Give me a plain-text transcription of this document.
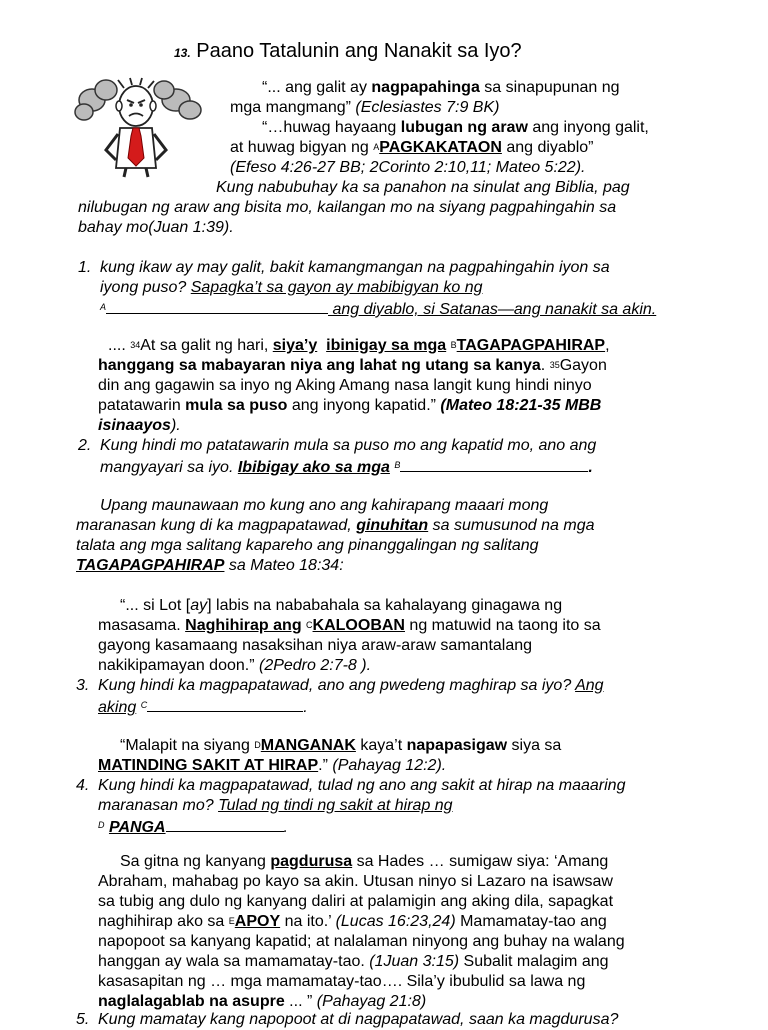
13. Paano Tatalunin ang Nanakit sa Iyo?
“... ang galit ay nagpapahinga sa sinapupunan ng
mga mangmang” (Eclesiastes 7:9 BK)
“…huwag hayaang lubugan ng araw ang inyong galit,
at huwag bigyan ng $^A$PAGKAKATAON ang diyablo”
(Efeso 4:26-27 BB; 2Corinto 2:10,11; Mateo 5:22).
Kung nabubuhay ka sa panahon na sinulat ang Biblia, pag
nilubugan ng araw ang bisita mo, kailangan mo na siyang pagpahingahin sa
bahay mo(Juan 1:39).
1. kung ikaw ay may galit, bakit kamangmangan na pagpahingahin iyon sa
iyong puso? Sapagka’t sa gayon ay mabibigyan ko ng
$^A$	ang diyablo, si Satanas—ang nanakit sa akin.
.... $^{34}$At sa galit ng hari, siya’y ibinigay sa mga $^B$TAGAPAGPAHIRAP,
hanggang sa mabayaran niya ang lahat ng utang sa kanya. $^{35}$Gayon
din ang gagawin sa inyo ng Aking Amang nasa langit kung hindi ninyo
patatawarin mula sa puso ang inyong kapatid.” (Mateo 18:21-35 MBB
isinaayos).
2. Kung hindi mo patatawarin mula sa puso mo ang kapatid mo, ano ang
mangyayari sa iyo. Ibibigay ako sa mga $^B$	.
Upang maunawaan mo kung ano ang kahirapang maaari mong
maranasan kung di ka magpapatawad, ginuhitan sa sumusunod na mga
talata ang mga salitang kapareho ang pinanggalingan ng salitang
TAGAPAGPAHIRAP sa Mateo 18:34:
“... si Lot [ay] labis na nababahala sa kahalayang ginagawa ng
masasama. Naghihirap ang $^C$KALOOBAN ng matuwid na taong ito sa
gayong kasamaang nasaksihan niya araw-araw samantalang
nakikipamayan doon.” (2Pedro 2:7-8 ).
3. Kung hindi ka magpapatawad, ano ang pwedeng maghirap sa iyo? Ang
aking $^C$	.
“Malapit na siyang $^D$MANGANAK kaya’t napapasigaw siya sa
MATINDING SAKIT AT HIRAP.” (Pahayag 12:2).
4. Kung hindi ka magpapatawad, tulad ng ano ang sakit at hirap na maaaring
maranasan mo? Tulad ng tindi ng sakit at hirap ng
$^D$ PANGA	.
Sa gitna ng kanyang pagdurusa sa Hades … sumigaw siya: ‘Amang
Abraham, mahabag po kayo sa akin. Utusan ninyo si Lazaro na isawsaw
sa tubig ang dulo ng kanyang daliri at palamigin ang aking dila, sapagkat
naghihirap ako sa $^E$APOY na ito.’ (Lucas 16:23,24) Mamamatay-tao ang
napopoot sa kanyang kapatid; at nalalaman ninyong ang buhay na walang
hanggan ay wala sa mamamatay-tao. (1Juan 3:15) Subalit malagim ang
kasasapitan ng … mga mamamatay-tao…. Sila’y ibubulid sa lawa ng
naglalagablab na asupre ... ” (Pahayag 21:8)
5. Kung mamatay kang napopoot at di nagpapatawad, saan ka magdurusa?
